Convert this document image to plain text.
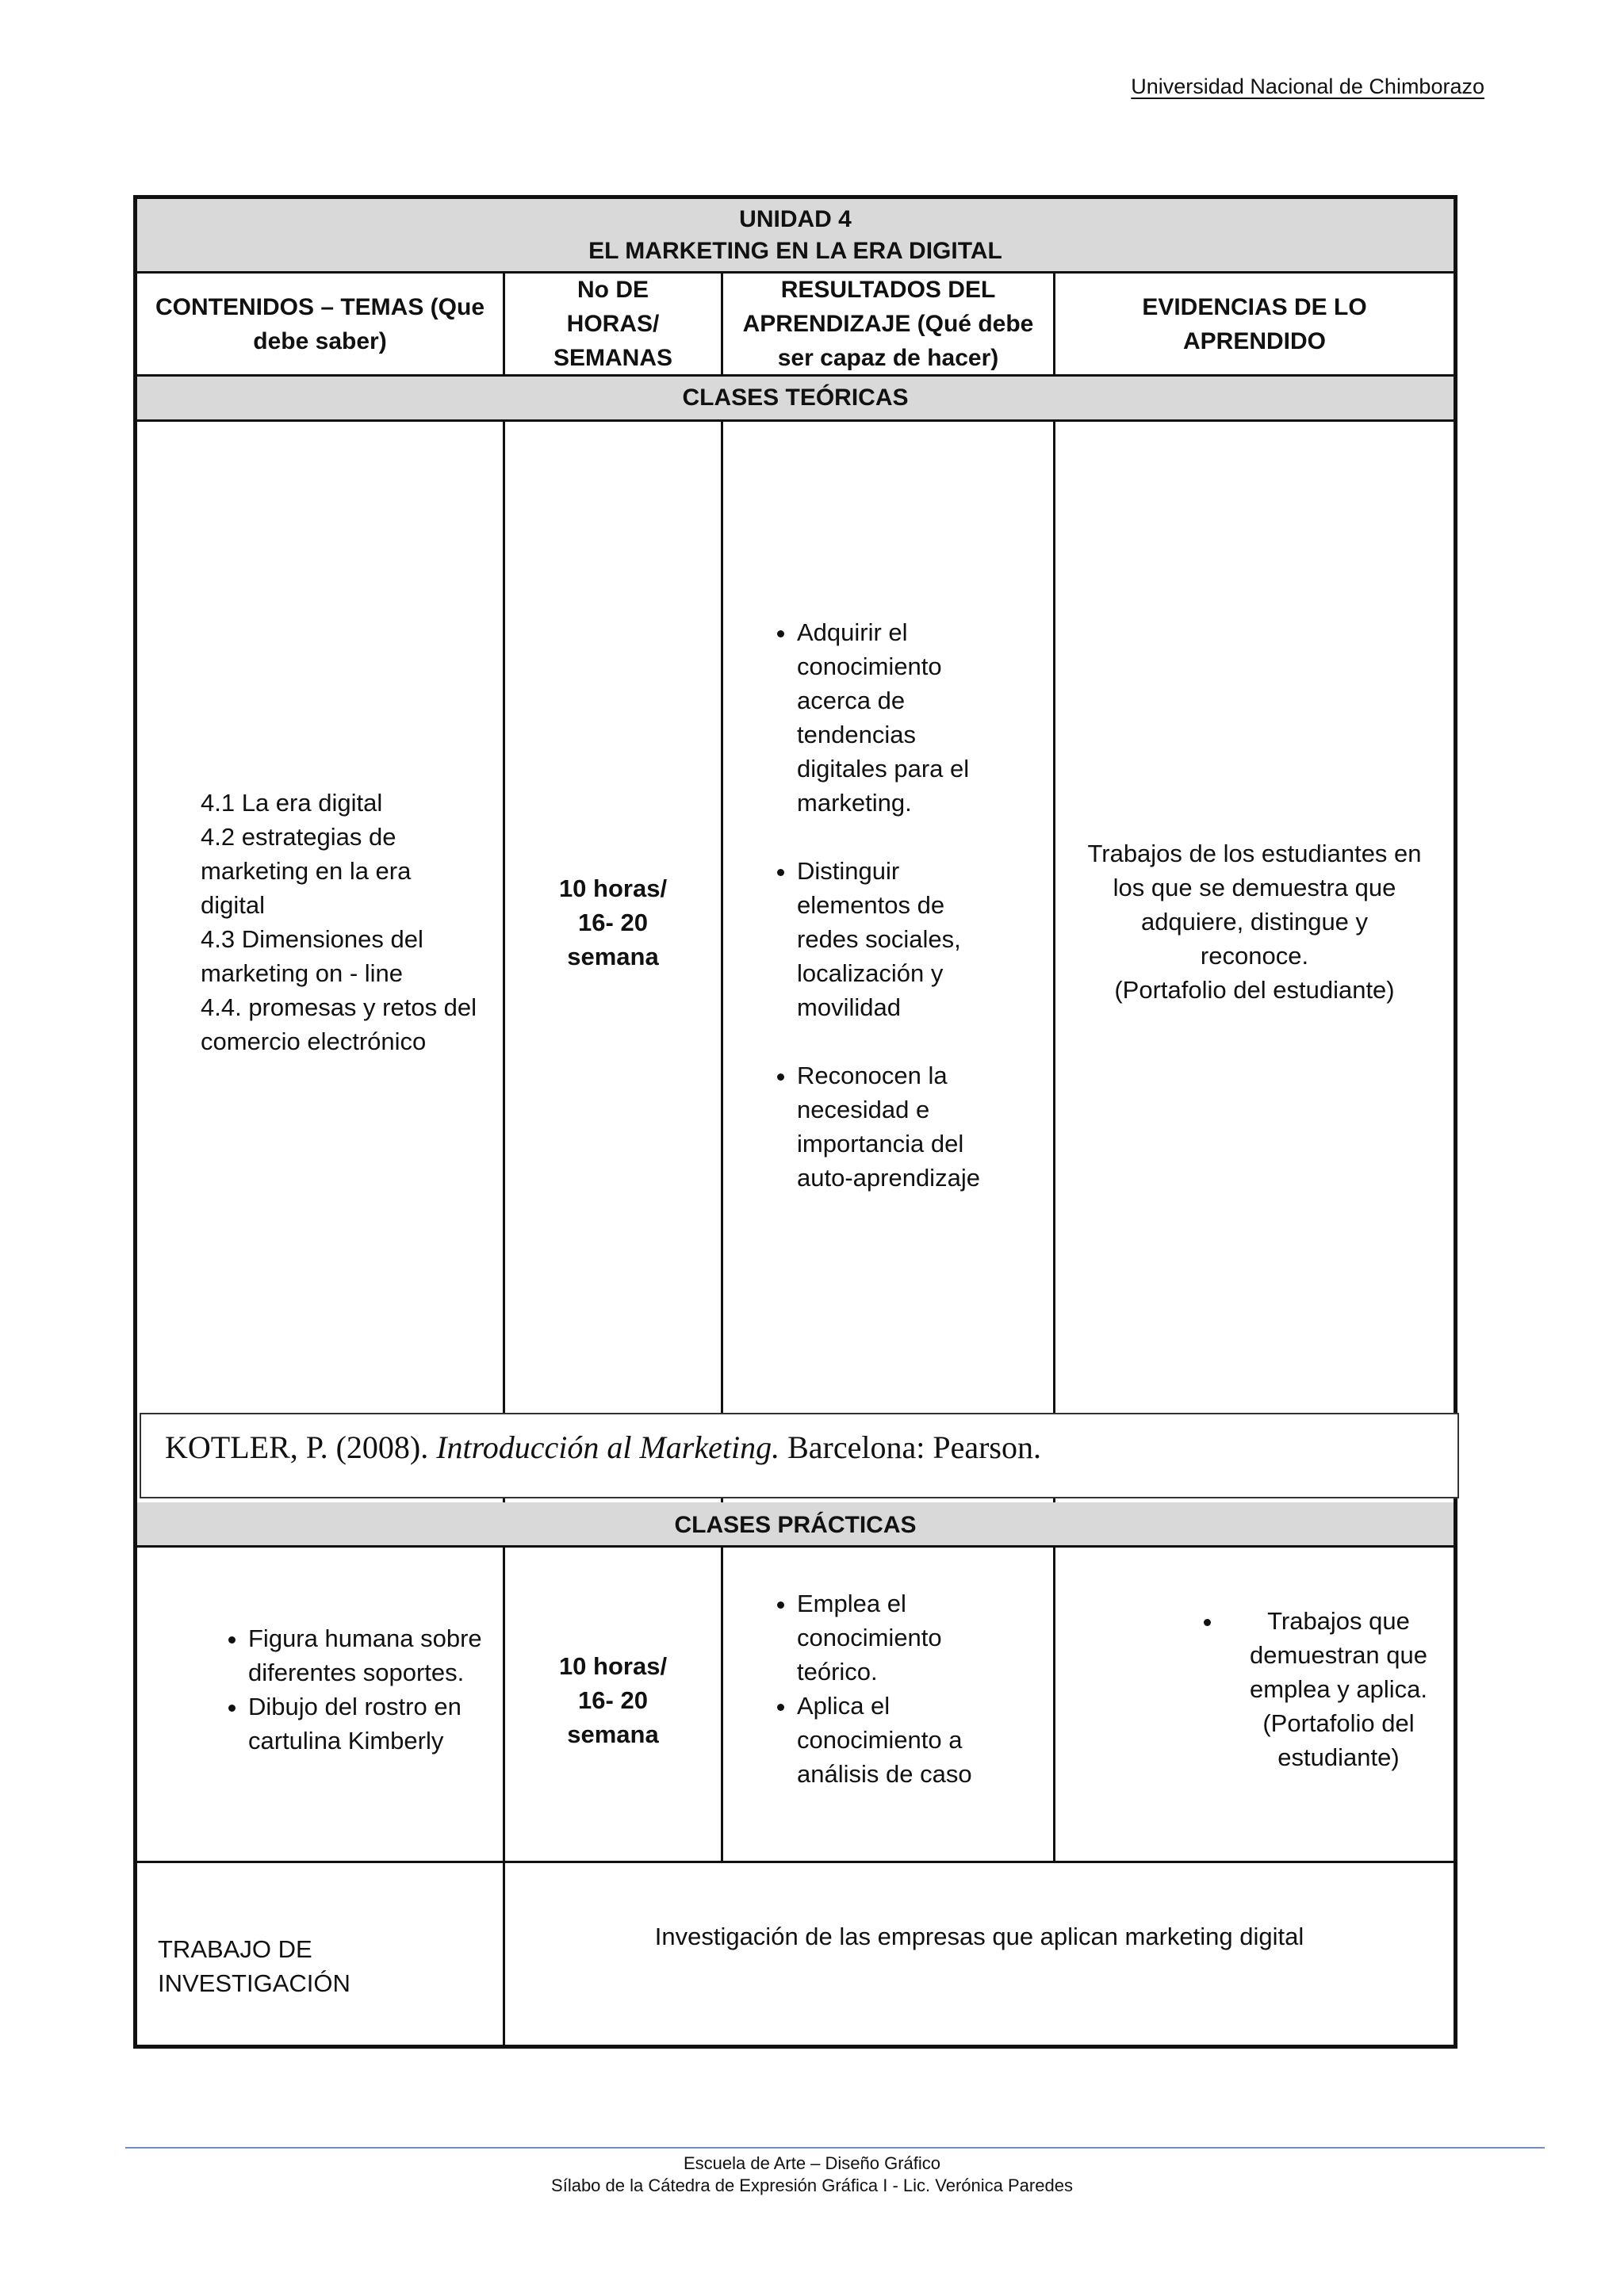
Universidad Nacional de Chimborazo
UNIDAD 4
EL MARKETING EN LA ERA DIGITAL
CONTENIDOS – TEMAS (Que
debe saber)
No DE
HORAS/
SEMANAS
RESULTADOS DEL
APRENDIZAJE (Qué debe
ser capaz de hacer)
EVIDENCIAS DE LO
APRENDIDO
CLASES TEÓRICAS
4.1 La era digital
4.2 estrategias de
marketing en la era
digital
4.3 Dimensiones del
marketing on - line
4.4. promesas y retos del
comercio electrónico
10 horas/
16- 20
semana
• Adquirir el
conocimiento
acerca de
tendencias
digitales para el
marketing.
• Distinguir
elementos de
redes sociales,
localización y
movilidad
• Reconocen la
necesidad e
importancia del
auto-aprendizaje
Trabajos de los estudiantes en
los que se demuestra que
adquiere, distingue y
reconoce.
(Portafolio del estudiante)
CLASES PRÁCTICAS
• Figura humana sobre
diferentes soportes.
• Dibujo del rostro en
cartulina Kimberly
10 horas/
16- 20
semana
• Emplea el
conocimiento
teórico.
• Aplica el
conocimiento a
análisis de caso
• Trabajos que
demuestran que
emplea y aplica.
(Portafolio del
estudiante)
TRABAJO DE INVESTIGACIÓN
Investigación de las empresas que aplican marketing digital
KOTLER, P. (2008). Introducción al Marketing. Barcelona: Pearson.
Escuela de Arte – Diseño Gráfico
Sílabo de la Cátedra de Expresión Gráfica I - Lic. Verónica Paredes
